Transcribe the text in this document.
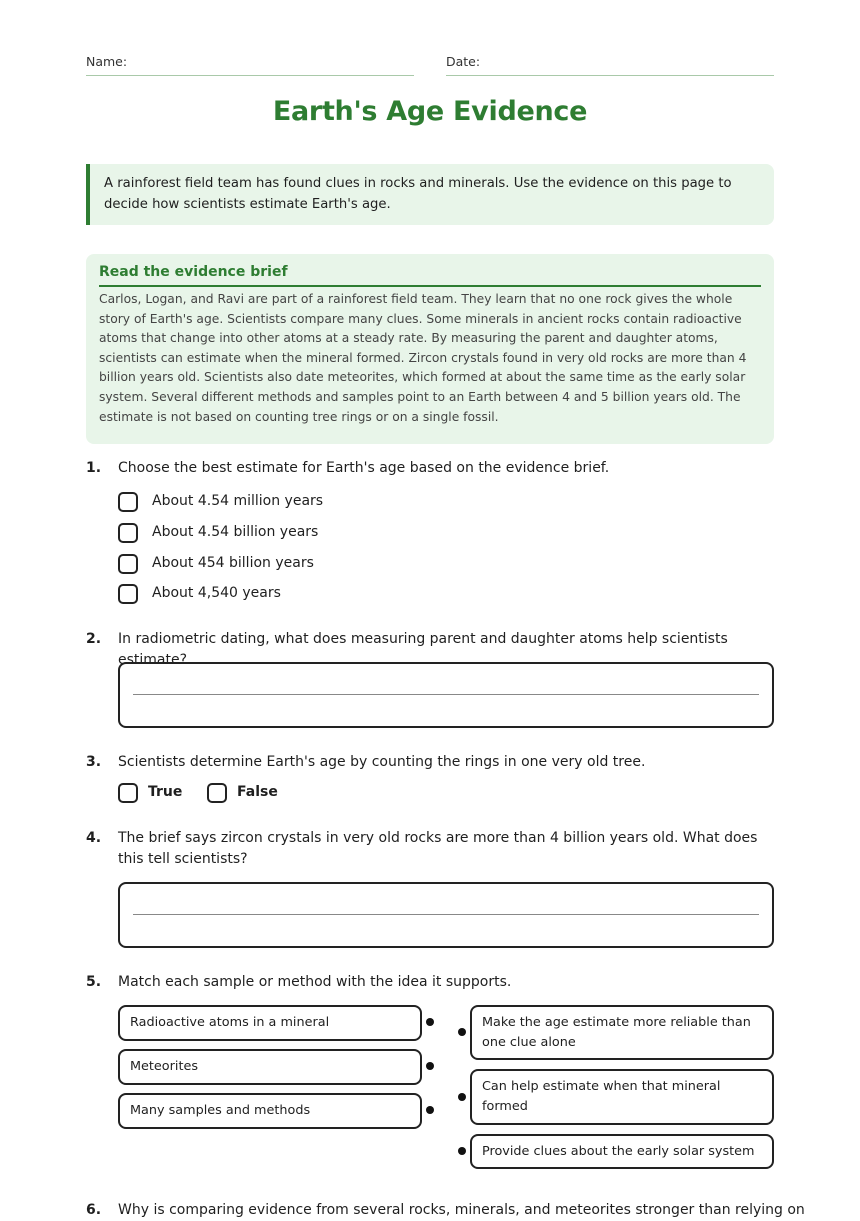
Name:	Date:
Earth's Age Evidence
A rainforest field team has found clues in rocks and minerals. Use the evidence on this page to decide how scientists estimate Earth's age.
Read the evidence brief
Carlos, Logan, and Ravi are part of a rainforest field team. They learn that no one rock gives the whole story of Earth's age. Scientists compare many clues. Some minerals in ancient rocks contain radioactive atoms that change into other atoms at a steady rate. By measuring the parent and daughter atoms, scientists can estimate when the mineral formed. Zircon crystals found in very old rocks are more than 4 billion years old. Scientists also date meteorites, which formed at about the same time as the early solar system. Several different methods and samples point to an Earth between 4 and 5 billion years old. The estimate is not based on counting tree rings or on a single fossil.
1. Choose the best estimate for Earth's age based on the evidence brief.
About 4.54 million years
About 4.54 billion years
About 454 billion years
About 4,540 years
2. In radiometric dating, what does measuring parent and daughter atoms help scientists estimate?
3. Scientists determine Earth's age by counting the rings in one very old tree.
True	False
4. The brief says zircon crystals in very old rocks are more than 4 billion years old. What does this tell scientists?
5. Match each sample or method with the idea it supports.
Radioactive atoms in a mineral
Meteorites
Many samples and methods
Make the age estimate more reliable than one clue alone
Can help estimate when that mineral formed
Provide clues about the early solar system
6. Why is comparing evidence from several rocks, minerals, and meteorites stronger than relying on
